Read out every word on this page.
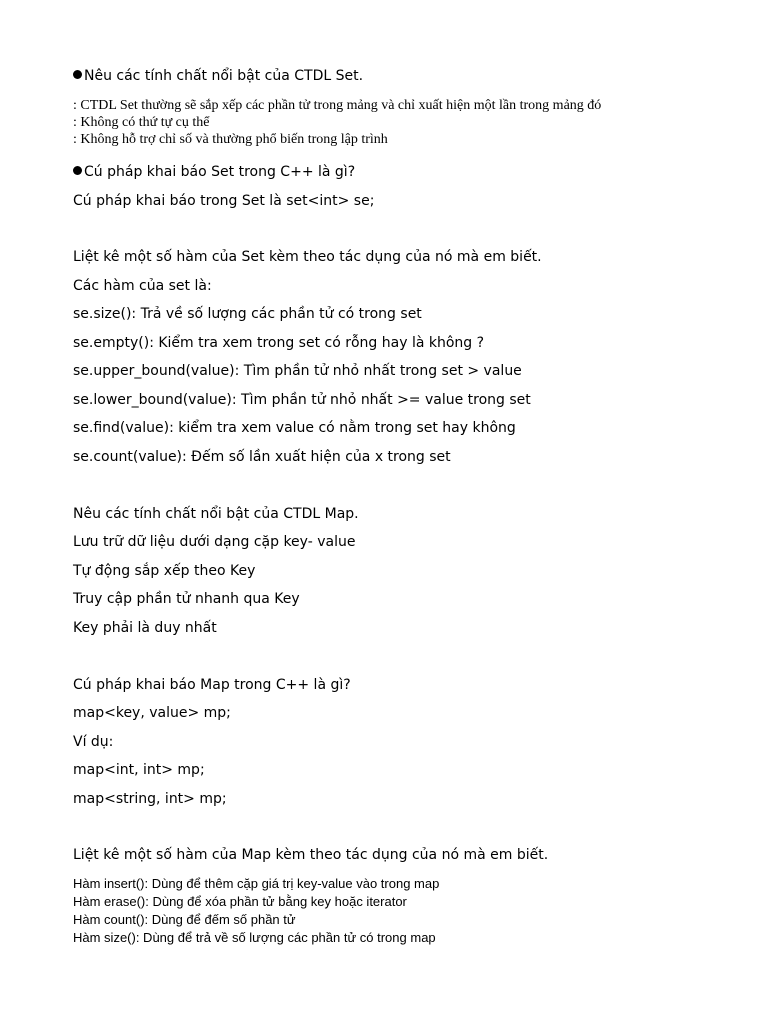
Nêu các tính chất nổi bật của CTDL Set.
: CTDL Set thường sẽ sắp xếp các phần tử trong mảng và chỉ xuất hiện một lần trong mảng đó
: Không có thứ tự cụ thể
: Không hỗ trợ chỉ số và thường phổ biến trong lập trình
Cú pháp khai báo Set trong C++ là gì?
Cú pháp khai báo trong Set là set<int> se;
Liệt kê một số hàm của Set kèm theo tác dụng của nó mà em biết.
Các hàm của set là:
se.size(): Trả về số lượng các phần tử có trong set
se.empty(): Kiểm tra xem trong set có rỗng hay là không ?
se.upper_bound(value): Tìm phần tử nhỏ nhất trong set > value
se.lower_bound(value): Tìm phần tử nhỏ nhất >= value trong set
se.find(value): kiểm tra xem value có nằm trong set hay không
se.count(value): Đếm số lần xuất hiện của x trong set
Nêu các tính chất nổi bật của CTDL Map.
Lưu trữ dữ liệu dưới dạng cặp key- value
Tự động sắp xếp theo Key
Truy cập phần tử nhanh qua Key
Key phải là duy nhất
Cú pháp khai báo Map trong C++ là gì?
map<key, value> mp;
Ví dụ:
map<int, int> mp;
map<string, int> mp;
Liệt kê một số hàm của Map kèm theo tác dụng của nó mà em biết.
Hàm insert(): Dùng để thêm cặp giá trị key-value vào trong map
Hàm erase(): Dùng để xóa phần tử bằng key hoặc iterator
Hàm count(): Dùng để đếm số phần tử
Hàm size(): Dùng để trả về số lượng các phần tử có trong map
